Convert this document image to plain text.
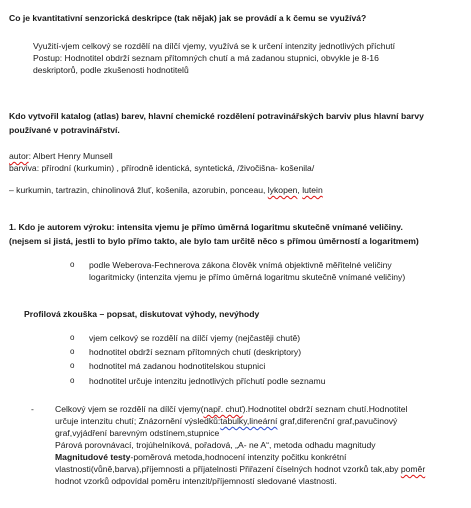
Co je kvantitativní senzorická deskripce (tak nějak) jak se provádí a k čemu se využívá?
Využití-vjem celkový se rozdělí na dílčí vjemy, využívá se k určení intenzity jednotlivých příchutí
Postup: Hodnotitel obdrží seznam přítomných chutí a má zadanou stupnici, obvykle je 8-16
deskriptorů, podle zkušenosti hodnotitelů
Kdo vytvořil katalog (atlas) barev, hlavní chemické rozdělení potravinářských barviv plus hlavní barvy
používané v potravinářství.
autor: Albert Henry Munsell
barviva: přírodní (kurkumin) , přírodně identická, syntetická, /živočišna- košenila/
– kurkumin, tartrazin, chinolinová žluť, košenila, azorubin, ponceau, lykopen, lutein
1. Kdo je autorem výroku: intensita vjemu je přímo úměrná logaritmu skutečně vnímané veličiny.
(nejsem si jistá, jestli to bylo přímo takto, ale bylo tam určitě něco s přímou úměrností a logaritmem)
o podle Weberova-Fechnerova zákona člověk vnímá objektivně měřitelné veličiny
logaritmicky (intenzita vjemu je přímo úměrná logaritmu skutečně vnímané veličiny)
Profilová zkouška – popsat, diskutovat výhody, nevýhody
o vjem celkový se rozdělí na dílčí vjemy (nejčastěji chutě)
o hodnotitel obdrží seznam přítomných chutí (deskriptory)
o hodnotitel má zadanou hodnotitelskou stupnici
o hodnotitel určuje intenzitu jednotlivých příchutí podle seznamu
- Celkový vjem se rozdělí na dílčí vjemy(např. chuť).Hodnotitel obdrží seznam chutí.Hodnotitel
určuje intenzitu chutí; Znázornění výsledků:tabulky,lineární graf,diferenční graf,pavučinový
graf,vyjádření barevným odstínem,stupnice
Párová porovnávací, trojúhelníková, pořadová, „A- ne A“, metoda odhadu magnitudy
Magnitudové testy-poměrová metoda,hodnocení intenzity počitku konkrétní
vlastnosti(vůně,barva),příjemnosti a příjatelnosti Přiřazení číselných hodnot vzorků tak,aby poměr
hodnot vzorků odpovídal poměru intenzit/příjemností sledované vlastnosti.
